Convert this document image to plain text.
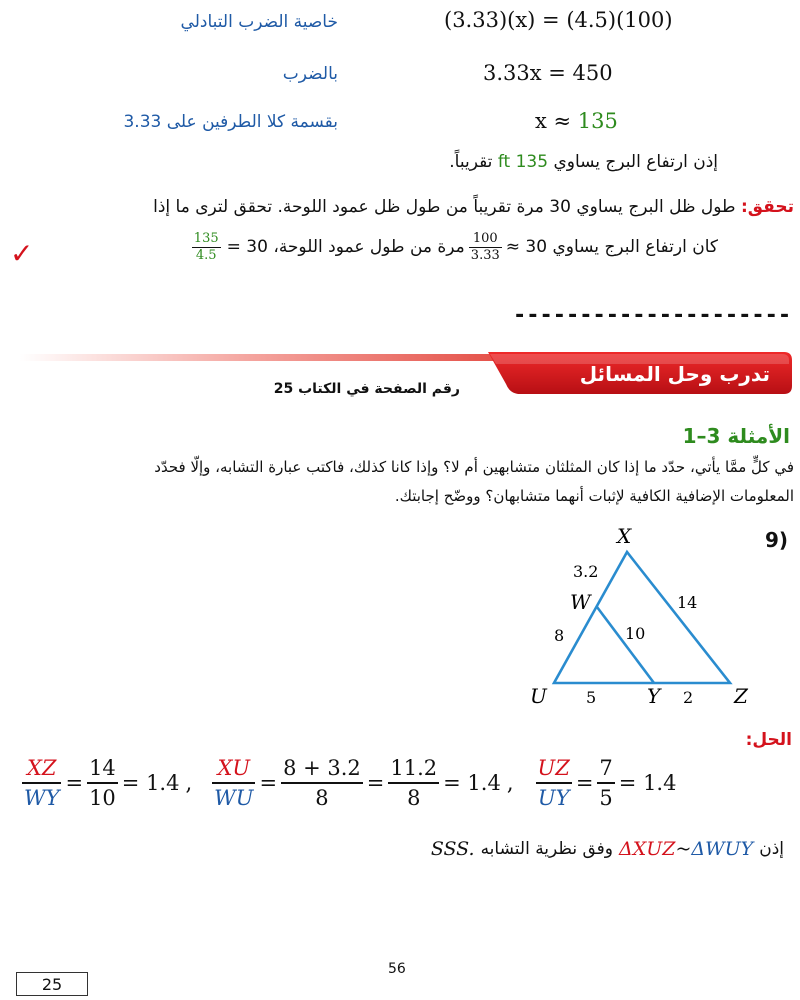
(3.33)(x) = (4.5)(100)
خاصية الضرب التبادلي
3.33x = 450
بالضرب
x ≈ 135
بقسمة كلا الطرفين على 3.33
إذن ارتفاع البرج يساوي 135 ft تقريباً.
تحقق: طول ظل البرج يساوي 30 مرة تقريباً من طول ظل عمود اللوحة. تحقق لترى ما إذا
كان ارتفاع البرج يساوي 30 ≈
$\frac{100}{3.33}$
مرة من طول عمود اللوحة، 30 =
$\frac{135}{4.5}$
✓
---------------------
تدرب وحل المسائل
رقم الصفحة في الكتاب 25
الأمثلة 3–1
في كلٍّ ممَّا يأتي، حدّد ما إذا كان المثلثان متشابهين أم لا؟ وإذا كانا كذلك، فاكتب عبارة التشابه، وإلّا فحدّد
المعلومات الإضافية الكافية لإثبات أنهما متشابهان؟ ووضّح إجابتك.
9)
X
W
U	Y	Z
3.2
14
8	10
5	2
الحل:
$\frac{XZ}{WY} = \frac{14}{10} = 1.4$ , $\frac{XU}{WU} = \frac{8 + 3.2}{8} = \frac{11.2}{8} = 1.4$ , $\frac{UZ}{UY} = \frac{7}{5} = 1.4$
إذن
ΔXUZ~ΔWUY
وفق نظرية التشابه
SSS.
56
25
